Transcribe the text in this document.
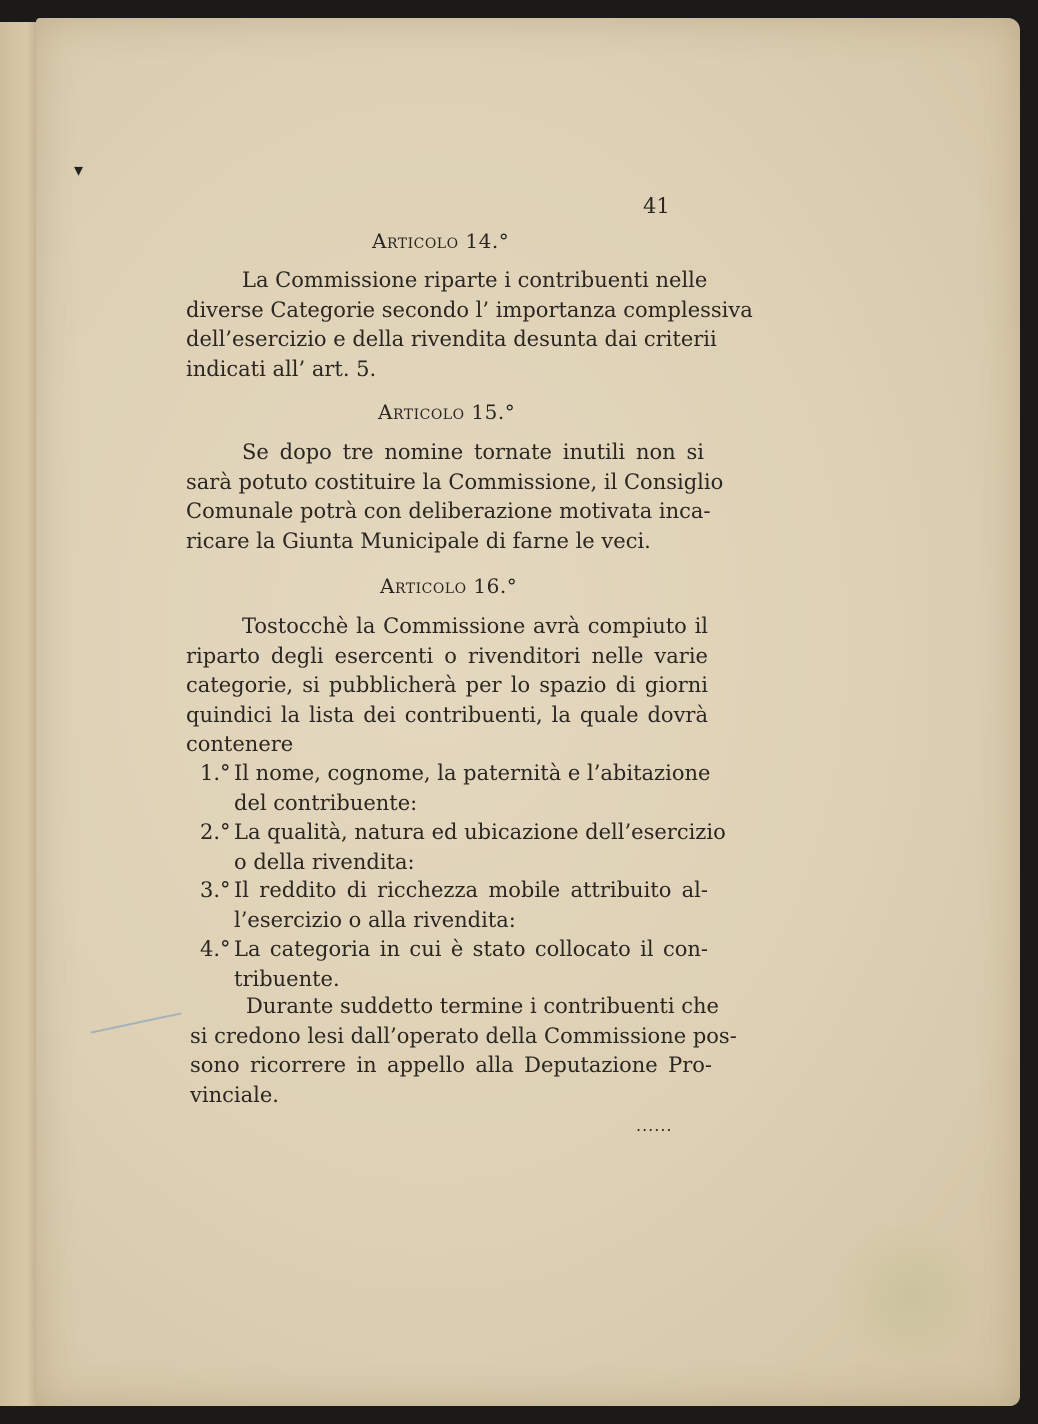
▾
41
Articolo 14.°
La Commissione riparte i contribuenti nelle
diverse Categorie secondo l’ importanza complessiva
dell’esercizio e della rivendita desunta dai criterii
indicati all’ art. 5.
Articolo 15.°
Se dopo tre nomine tornate inutili non si
sarà potuto costituire la Commissione, il Consiglio
Comunale potrà con deliberazione motivata inca-
ricare la Giunta Municipale di farne le veci.
Articolo 16.°
Tostocchè la Commissione avrà compiuto il
riparto degli esercenti o rivenditori nelle varie
categorie, si pubblicherà per lo spazio di giorni
quindici la lista dei contribuenti, la quale dovrà
contenere
1.° Il nome, cognome, la paternità e l’abitazione
del contribuente:
2.° La qualità, natura ed ubicazione dell’esercizio
o della rivendita:
3.° Il reddito di ricchezza mobile attribuito al-
l’esercizio o alla rivendita:
4.° La categoria in cui è stato collocato il con-
tribuente.
Durante suddetto termine i contribuenti che
si credono lesi dall’operato della Commissione pos-
sono ricorrere in appello alla Deputazione Pro-
vinciale.
......
